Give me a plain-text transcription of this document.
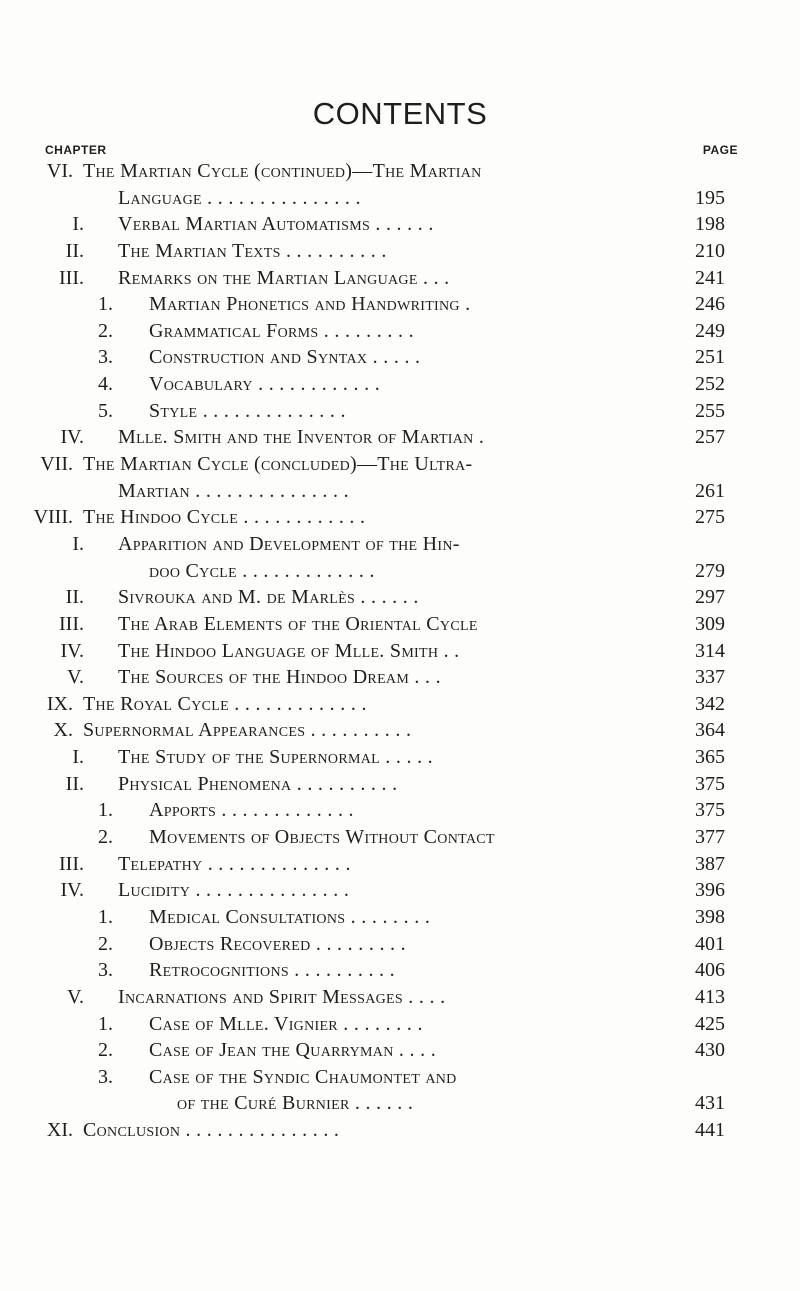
CONTENTS
CHAPTER	PAGE
VI. The Martian Cycle (continued)—The Martian
Language . . . . . . . . . . . . . . .	195
I. Verbal Martian Automatisms . . . . . .	198
II. The Martian Texts . . . . . . . . . .	210
III. Remarks on the Martian Language . . .	241
1. Martian Phonetics and Handwriting .	246
2. Grammatical Forms . . . . . . . . .	249
3. Construction and Syntax . . . . .	251
4. Vocabulary . . . . . . . . . . . .	252
5. Style . . . . . . . . . . . . . .	255
IV. Mlle. Smith and the Inventor of Martian .	257
VII. The Martian Cycle (concluded)—The Ultra-
Martian . . . . . . . . . . . . . . .	261
VIII. The Hindoo Cycle . . . . . . . . . . . .	275
I. Apparition and Development of the Hin-
doo Cycle . . . . . . . . . . . . .	279
II. Sivrouka and M. de Marlès . . . . . .	297
III. The Arab Elements of the Oriental Cycle	309
IV. The Hindoo Language of Mlle. Smith . .	314
V. The Sources of the Hindoo Dream . . .	337
IX. The Royal Cycle . . . . . . . . . . . . .	342
X. Supernormal Appearances . . . . . . . . . .	364
I. The Study of the Supernormal . . . . .	365
II. Physical Phenomena . . . . . . . . . .	375
1. Apports . . . . . . . . . . . . .	375
2. Movements of Objects Without Contact	377
III. Telepathy . . . . . . . . . . . . . .	387
IV. Lucidity . . . . . . . . . . . . . . .	396
1. Medical Consultations . . . . . . . .	398
2. Objects Recovered . . . . . . . . .	401
3. Retrocognitions . . . . . . . . . .	406
V. Incarnations and Spirit Messages . . . .	413
1. Case of Mlle. Vignier . . . . . . . .	425
2. Case of Jean the Quarryman . . . .	430
3. Case of the Syndic Chaumontet and
of the Curé Burnier . . . . . .	431
XI. Conclusion . . . . . . . . . . . . . . .	441
